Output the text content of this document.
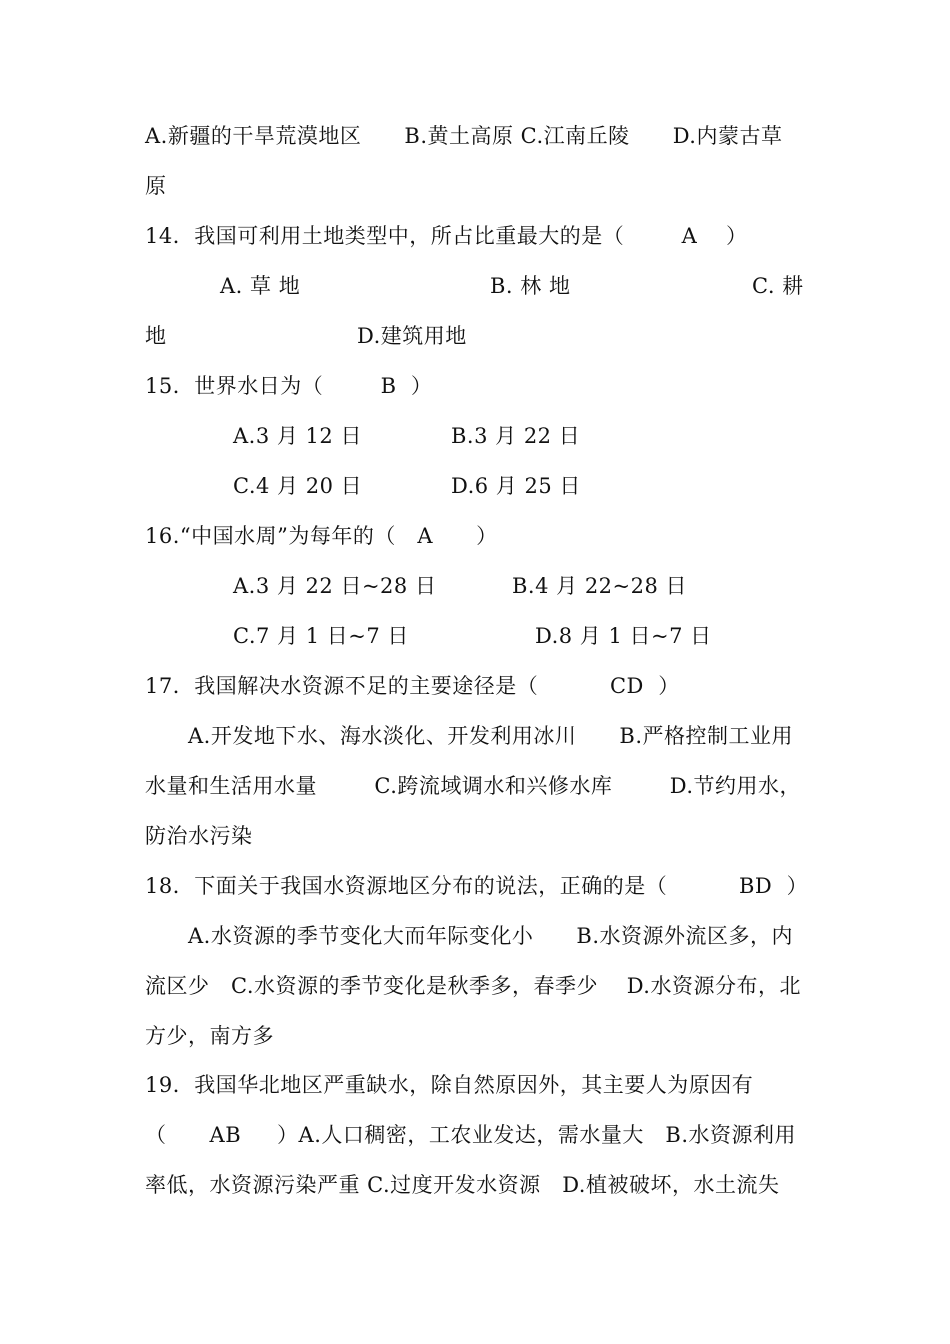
A.新疆的干旱荒漠地区      B.黄土高原 C.江南丘陵      D.内蒙古草
原
14．我国可利用土地类型中，所占比重最大的是（        A    ）
A. 草 地	B. 林 地	C. 耕
地	D.建筑用地
15．世界水日为（        B  ）
A.3 月 12 日	B.3 月 22 日
C.4 月 20 日	D.6 月 25 日
16.“中国水周”为每年的（   A      ）
A.3 月 22 日~28 日	B.4 月 22~28 日
C.7 月 1 日~7 日	D.8 月 1 日~7 日
17．我国解决水资源不足的主要途径是（          CD  ）
A.开发地下水、海水淡化、开发利用冰川      B.严格控制工业用
水量和生活用水量        C.跨流域调水和兴修水库        D.节约用水，
防治水污染
18．下面关于我国水资源地区分布的说法，正确的是（          BD  ）
A.水资源的季节变化大而年际变化小      B.水资源外流区多，内
流区少   C.水资源的季节变化是秋季多，春季少    D.水资源分布，北
方少，南方多
19．我国华北地区严重缺水，除自然原因外，其主要人为原因有
（      AB     ）A.人口稠密，工农业发达，需水量大   B.水资源利用
率低，水资源污染严重 C.过度开发水资源   D.植被破坏，水土流失
